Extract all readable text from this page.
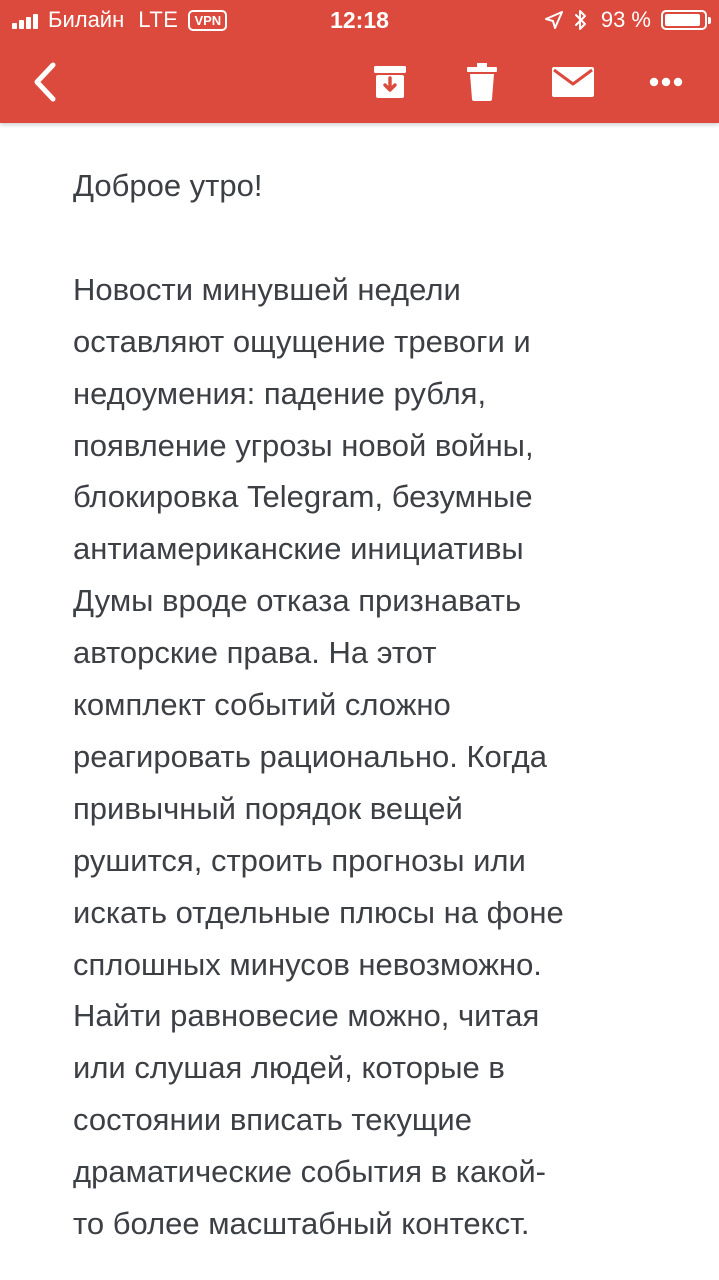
Билайн LTE	VPN	12:18	93 %

Доброе утро!

Новости минувшей недели

оставляют ощущение тревоги и

недоумения: падение рубля,

появление угрозы новой войны,

блокировка Telegram, безумные

антиамериканские инициативы

Думы вроде отказа признавать

авторские права. На этот

комплект событий сложно

реагировать рационально. Когда

привычный порядок вещей

рушится, строить прогнозы или

искать отдельные плюсы на фоне

сплошных минусов невозможно.

Найти равновесие можно, читая

или слушая людей, которые в

состоянии вписать текущие

драматические события в какой-

то более масштабный контекст.
